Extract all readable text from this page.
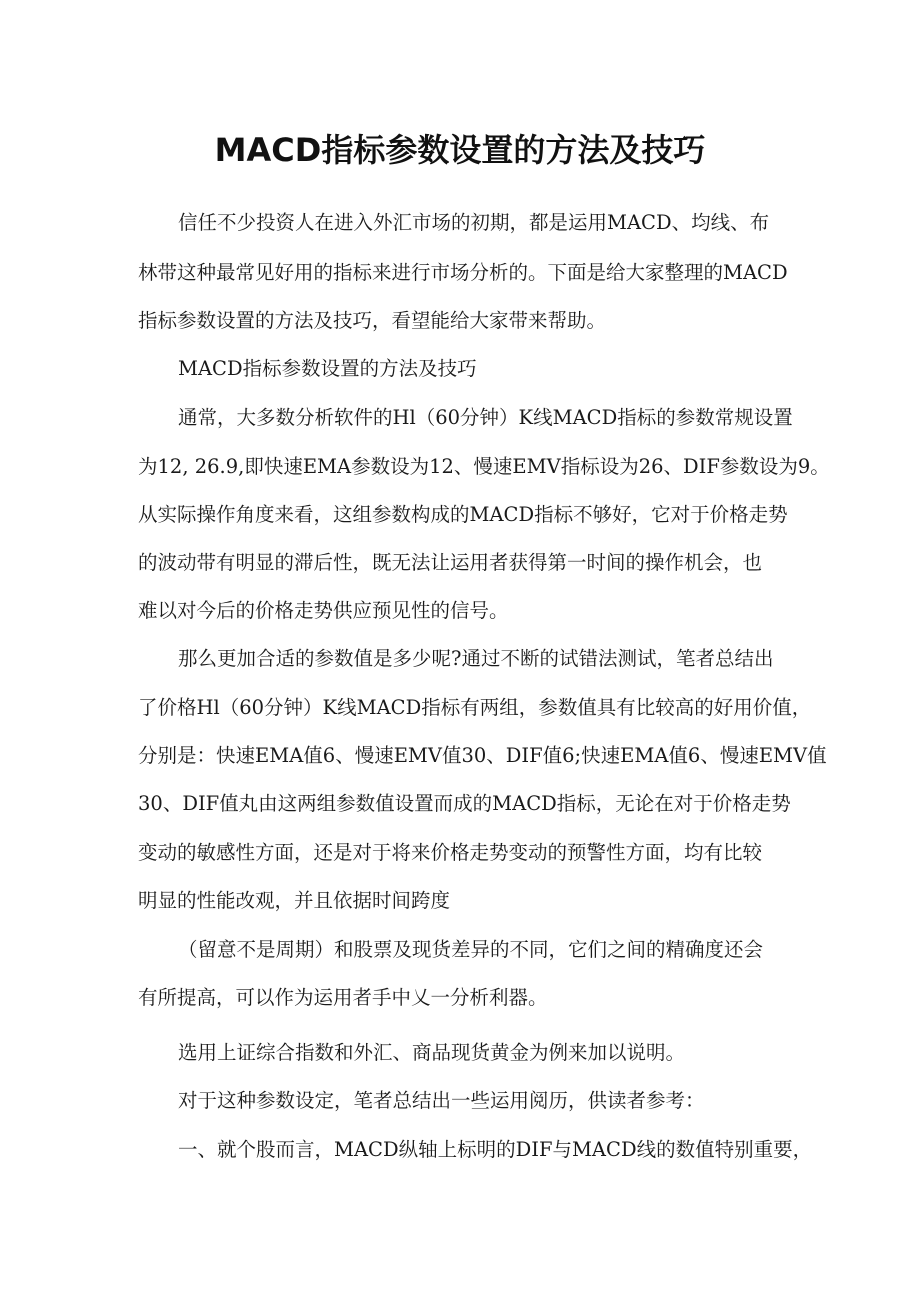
MACD指标参数设置的方法及技巧

信任不少投资人在进入外汇市场的初期，都是运用MACD、均线、布

林带这种最常见好用的指标来进行市场分析的。下面是给大家整理的MACD

指标参数设置的方法及技巧，看望能给大家带来帮助。

MACD指标参数设置的方法及技巧

通常，大多数分析软件的Hl（60分钟）K线MACD指标的参数常规设置

为12, 26.9,即快速EMA参数设为12、慢速EMV指标设为26、DIF参数设为9。

从实际操作角度来看，这组参数构成的MACD指标不够好，它对于价格走势

的波动带有明显的滞后性，既无法让运用者获得第一时间的操作机会，也

难以对今后的价格走势供应预见性的信号。

那么更加合适的参数值是多少呢?通过不断的试错法测试，笔者总结出

了价格Hl（60分钟）K线MACD指标有两组，参数值具有比较高的好用价值，

分别是：快速EMA值6、慢速EMV值30、DIF值6;快速EMA值6、慢速EMV值

30、DIF值丸由这两组参数值设置而成的MACD指标，无论在对于价格走势

变动的敏感性方面，还是对于将来价格走势变动的预警性方面，均有比较

明显的性能改观，并且依据时间跨度

（留意不是周期）和股票及现货差异的不同，它们之间的精确度还会

有所提高，可以作为运用者手中乂一分析利器。

选用上证综合指数和外汇、商品现货黄金为例来加以说明。

对于这种参数设定，笔者总结出一些运用阅历，供读者参考：

一、就个股而言，MACD纵轴上标明的DIF与MACD线的数值特别重要，
